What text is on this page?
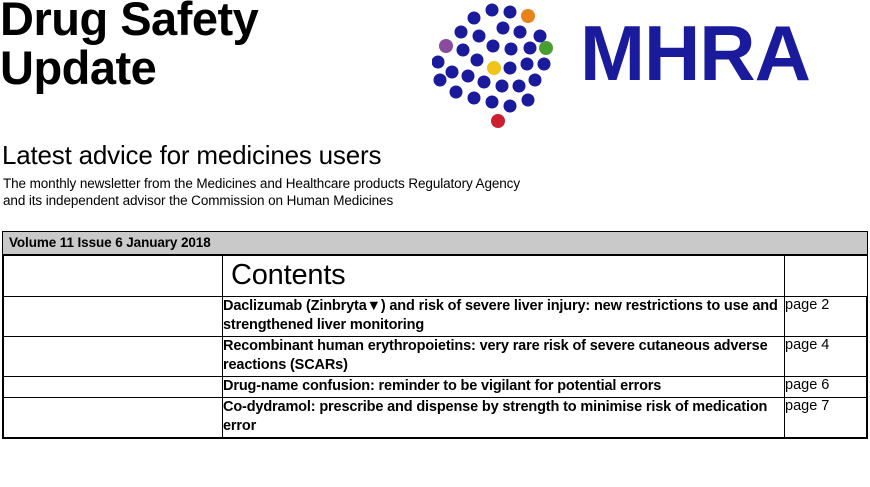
Drug Safety
Update	MHRA
Latest advice for medicines users
The monthly newsletter from the Medicines and Healthcare products Regulatory Agency
and its independent advisor the Commission on Human Medicines
Volume 11 Issue 6 January 2018
	Contents	
	Daclizumab (Zinbryta▼) and risk of severe liver injury: new restrictions to use and strengthened liver monitoring	page 2
	Recombinant human erythropoietins: very rare risk of severe cutaneous adverse reactions (SCARs)	page 4
	Drug-name confusion: reminder to be vigilant for potential errors	page 6
	Co-dydramol: prescribe and dispense by strength to minimise risk of medication error	page 7
